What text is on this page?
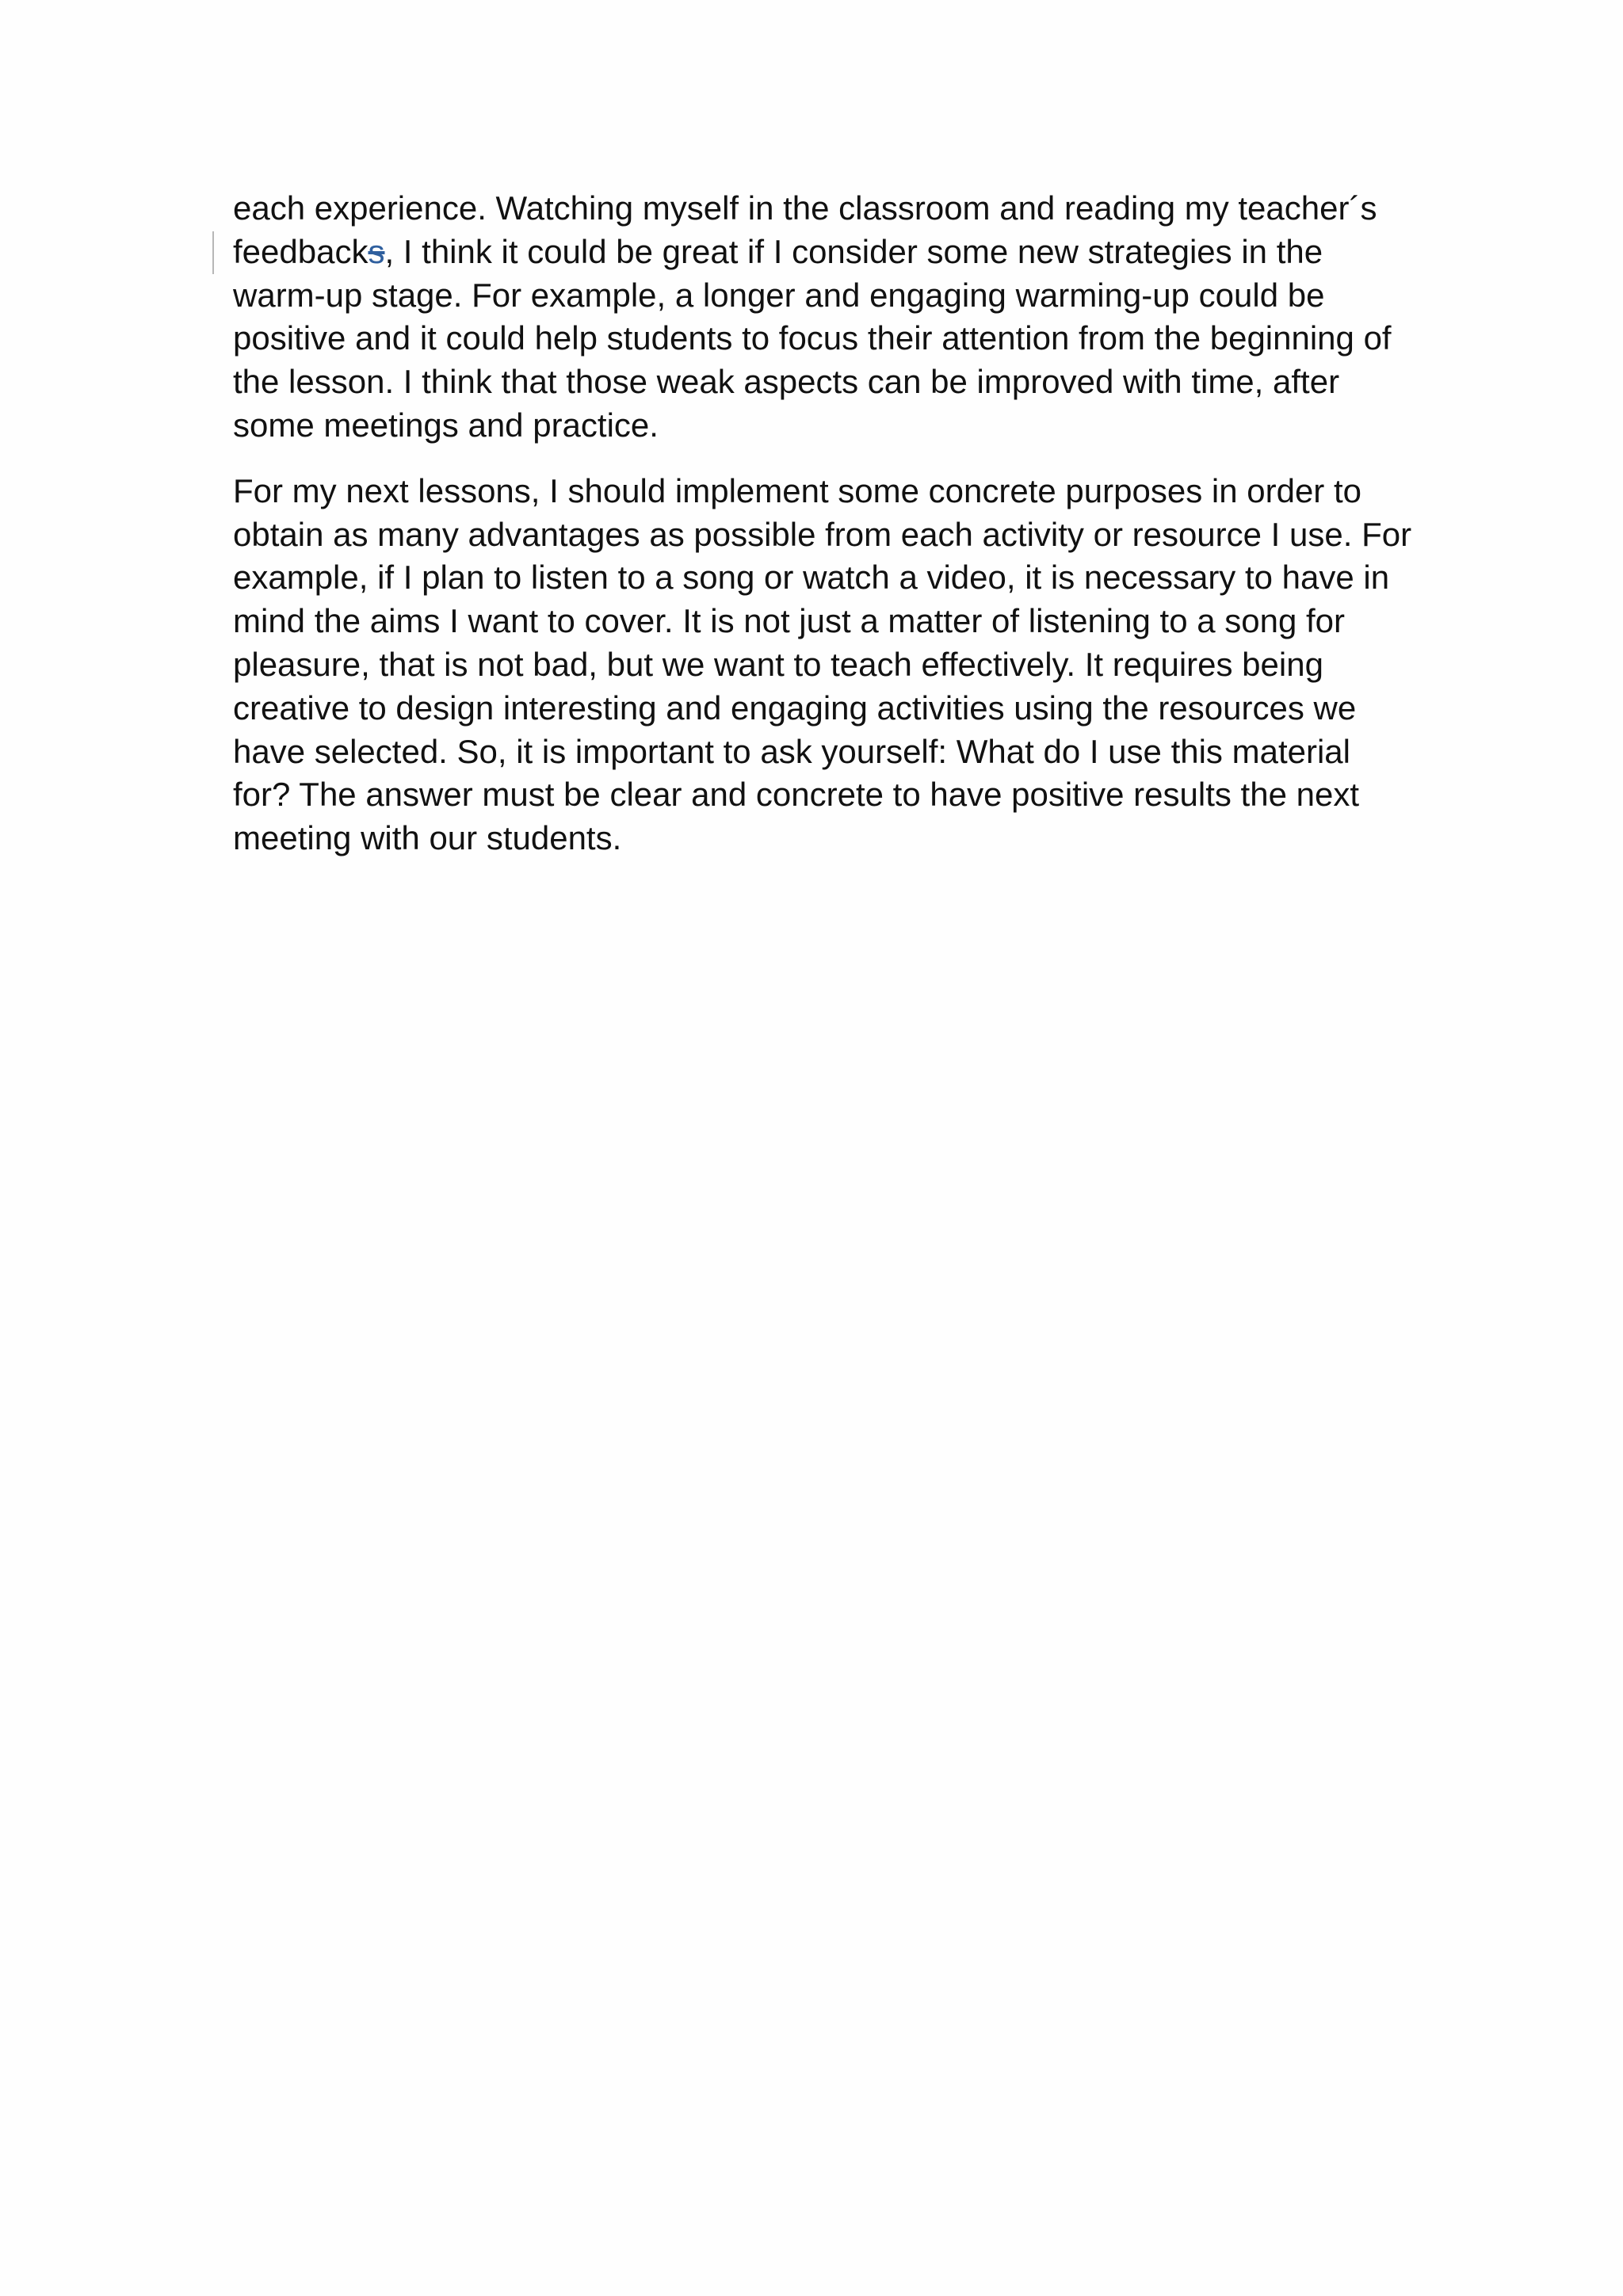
each experience. Watching myself in the classroom and reading my teacher´s
feedbacks, I think it could be great if I consider some new strategies in the
warm-up stage. For example, a longer and engaging warming-up could be
positive and it could help students to focus their attention from the beginning of
the lesson. I think that those weak aspects can be improved with time, after
some meetings and practice.
For my next lessons, I should implement some concrete purposes in order to
obtain as many advantages as possible from each activity or resource I use. For
example, if I plan to listen to a song or watch a video, it is necessary to have in
mind the aims I want to cover. It is not just a matter of listening to a song for
pleasure, that is not bad, but we want to teach effectively. It requires being
creative to design interesting and engaging activities using the resources we
have selected. So, it is important to ask yourself: What do I use this material
for? The answer must be clear and concrete to have positive results the next
meeting with our students.
